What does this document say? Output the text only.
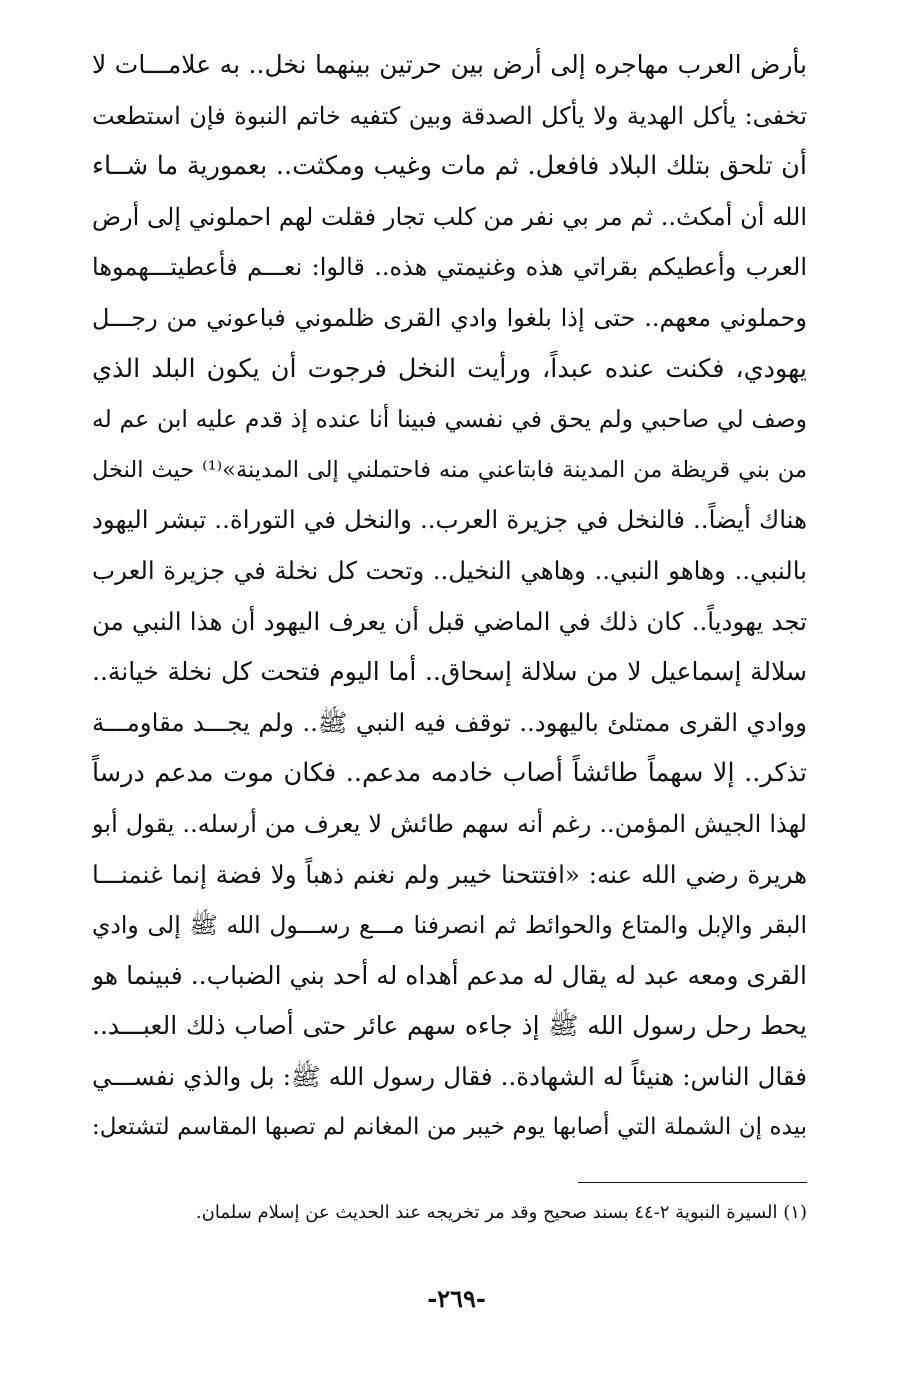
بأرض العرب مهاجره إلى أرض بين حرتين بينهما نخل.. به علامـــات لا
تخفى: يأكل الهدية ولا يأكل الصدقة وبين كتفيه خاتم النبوة فإن استطعت
أن تلحق بتلك البلاد فافعل. ثم مات وغيب ومكثت.. بعمورية ما شــاء
الله أن أمكث.. ثم مر بي نفر من كلب تجار فقلت لهم احملوني إلى أرض
العرب وأعطيكم بقراتي هذه وغنيمتي هذه.. قالوا: نعـــم فأعطيتـــهموها
وحملوني معهم.. حتى إذا بلغوا وادي القرى ظلموني فباعوني من رجـــل
يهودي، فكنت عنده عبداً، ورأيت النخل فرجوت أن يكون البلد الذي
وصف لي صاحبي ولم يحق في نفسي فبينا أنا عنده إذ قدم عليه ابن عم له
من بني قريظة من المدينة فابتاعني منه فاحتملني إلى المدينة»⁽¹⁾ حيث النخل
هناك أيضاً.. فالنخل في جزيرة العرب.. والنخل في التوراة.. تبشر اليهود
بالنبي.. وهاهو النبي.. وهاهي النخيل.. وتحت كل نخلة في جزيرة العرب
تجد يهودياً.. كان ذلك في الماضي قبل أن يعرف اليهود أن هذا النبي من
سلالة إسماعيل لا من سلالة إسحاق.. أما اليوم فتحت كل نخلة خيانة..
ووادي القرى ممتلئ باليهود.. توقف فيه النبي ﷺ.. ولم يجـــد مقاومـــة
تذكر.. إلا سهماً طائشاً أصاب خادمه مدعم.. فكان موت مدعم درساً
لهذا الجيش المؤمن.. رغم أنه سهم طائش لا يعرف من أرسله.. يقول أبو
هريرة رضي الله عنه: «افتتحنا خيبر ولم نغنم ذهباً ولا فضة إنما غنمنـــا
البقر والإبل والمتاع والحوائط ثم انصرفنا مـــع رســـول الله ﷺ إلى وادي
القرى ومعه عبد له يقال له مدعم أهداه له أحد بني الضباب.. فبينما هو
يحط رحل رسول الله ﷺ إذ جاءه سهم عائر حتى أصاب ذلك العبـــد..
فقال الناس: هنيئاً له الشهادة.. فقال رسول الله ﷺ: بل والذي نفســـي
بيده إن الشملة التي أصابها يوم خيبر من المغانم لم تصبها المقاسم لتشتعل:
(١) السيرة النبوية ٢-٤٤ بسند صحيح وقد مر تخريجه عند الحديث عن إسلام سلمان.
-٢٦٩-
